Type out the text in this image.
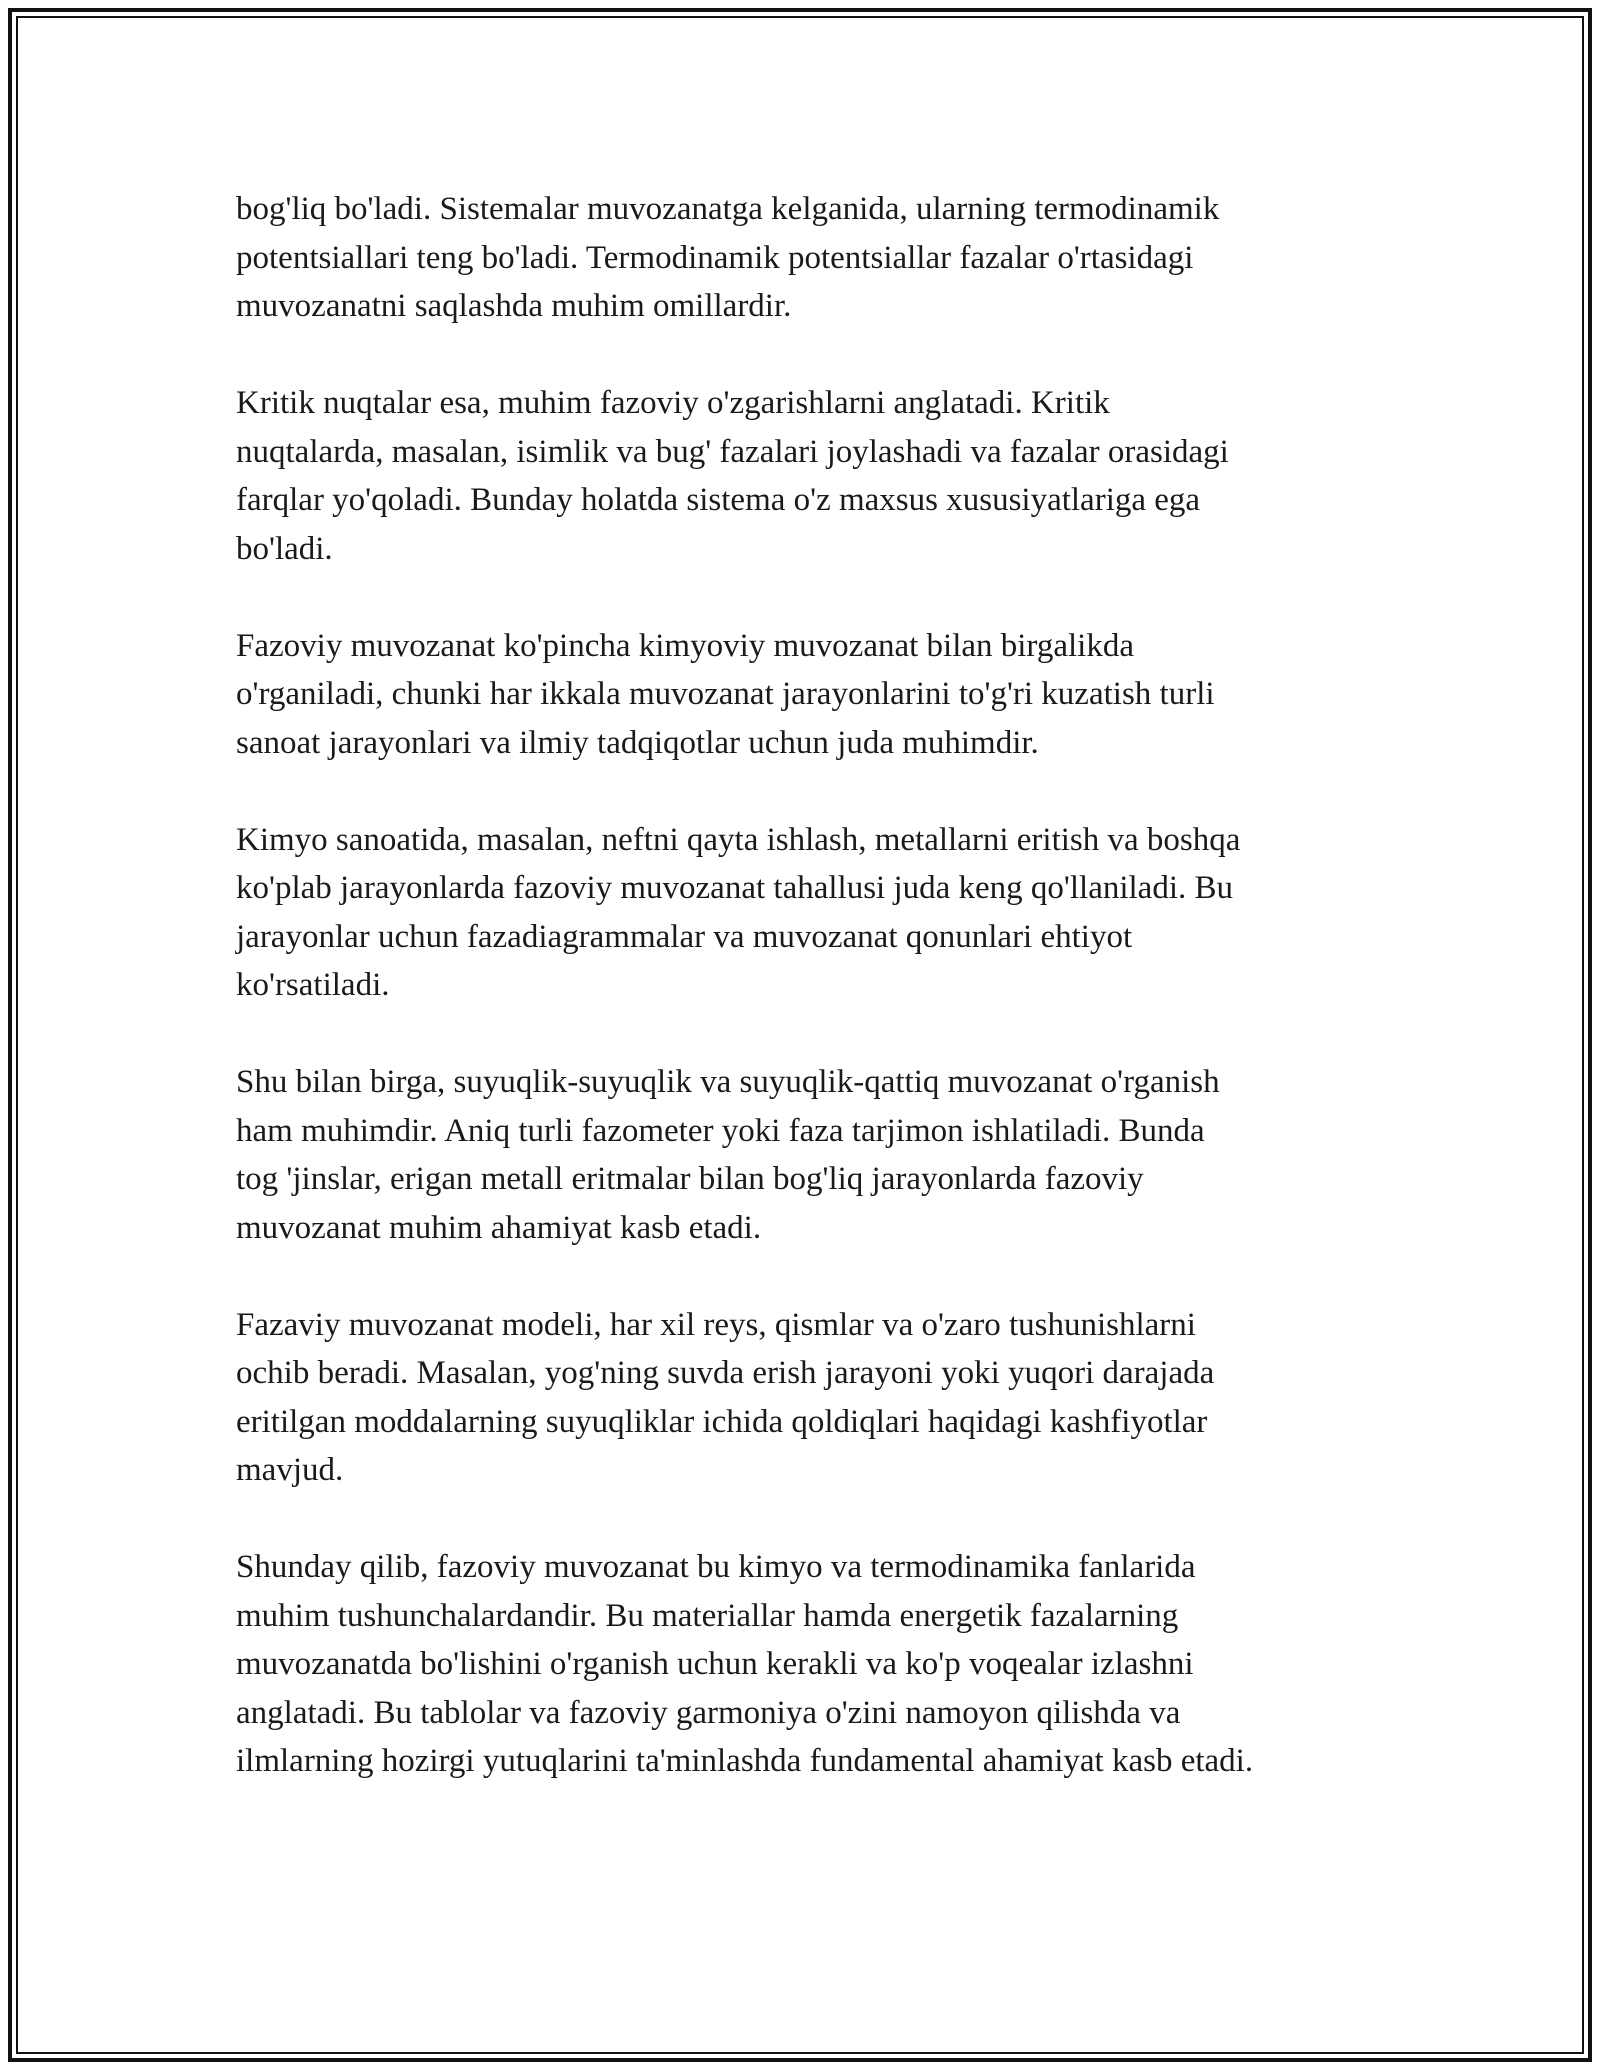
bog'liq bo'ladi. Sistemalar muvozanatga kelganida, ularning termodinamik
potentsiallari teng bo'ladi. Termodinamik potentsiallar fazalar o'rtasidagi
muvozanatni saqlashda muhim omillardir.
Kritik nuqtalar esa, muhim fazoviy o'zgarishlarni anglatadi. Kritik
nuqtalarda, masalan, isimlik va bug' fazalari joylashadi va fazalar orasidagi
farqlar yo'qoladi. Bunday holatda sistema o'z maxsus xususiyatlariga ega
bo'ladi.
Fazoviy muvozanat ko'pincha kimyoviy muvozanat bilan birgalikda
o'rganiladi, chunki har ikkala muvozanat jarayonlarini to'g'ri kuzatish turli
sanoat jarayonlari va ilmiy tadqiqotlar uchun juda muhimdir.
Kimyo sanoatida, masalan, neftni qayta ishlash, metallarni eritish va boshqa
ko'plab jarayonlarda fazoviy muvozanat tahallusi juda keng qo'llaniladi. Bu
jarayonlar uchun fazadiagrammalar va muvozanat qonunlari ehtiyot
ko'rsatiladi.
Shu bilan birga, suyuqlik-suyuqlik va suyuqlik-qattiq muvozanat o'rganish
ham muhimdir. Aniq turli fazometer yoki faza tarjimon ishlatiladi. Bunda
tog 'jinslar, erigan metall eritmalar bilan bog'liq jarayonlarda fazoviy
muvozanat muhim ahamiyat kasb etadi.
Fazaviy muvozanat modeli, har xil reys, qismlar va o'zaro tushunishlarni
ochib beradi. Masalan, yog'ning suvda erish jarayoni yoki yuqori darajada
eritilgan moddalarning suyuqliklar ichida qoldiqlari haqidagi kashfiyotlar
mavjud.
Shunday qilib, fazoviy muvozanat bu kimyo va termodinamika fanlarida
muhim tushunchalardandir. Bu materiallar hamda energetik fazalarning
muvozanatda bo'lishini o'rganish uchun kerakli va ko'p voqealar izlashni
anglatadi. Bu tablolar va fazoviy garmoniya o'zini namoyon qilishda va
ilmlarning hozirgi yutuqlarini ta'minlashda fundamental ahamiyat kasb etadi.
